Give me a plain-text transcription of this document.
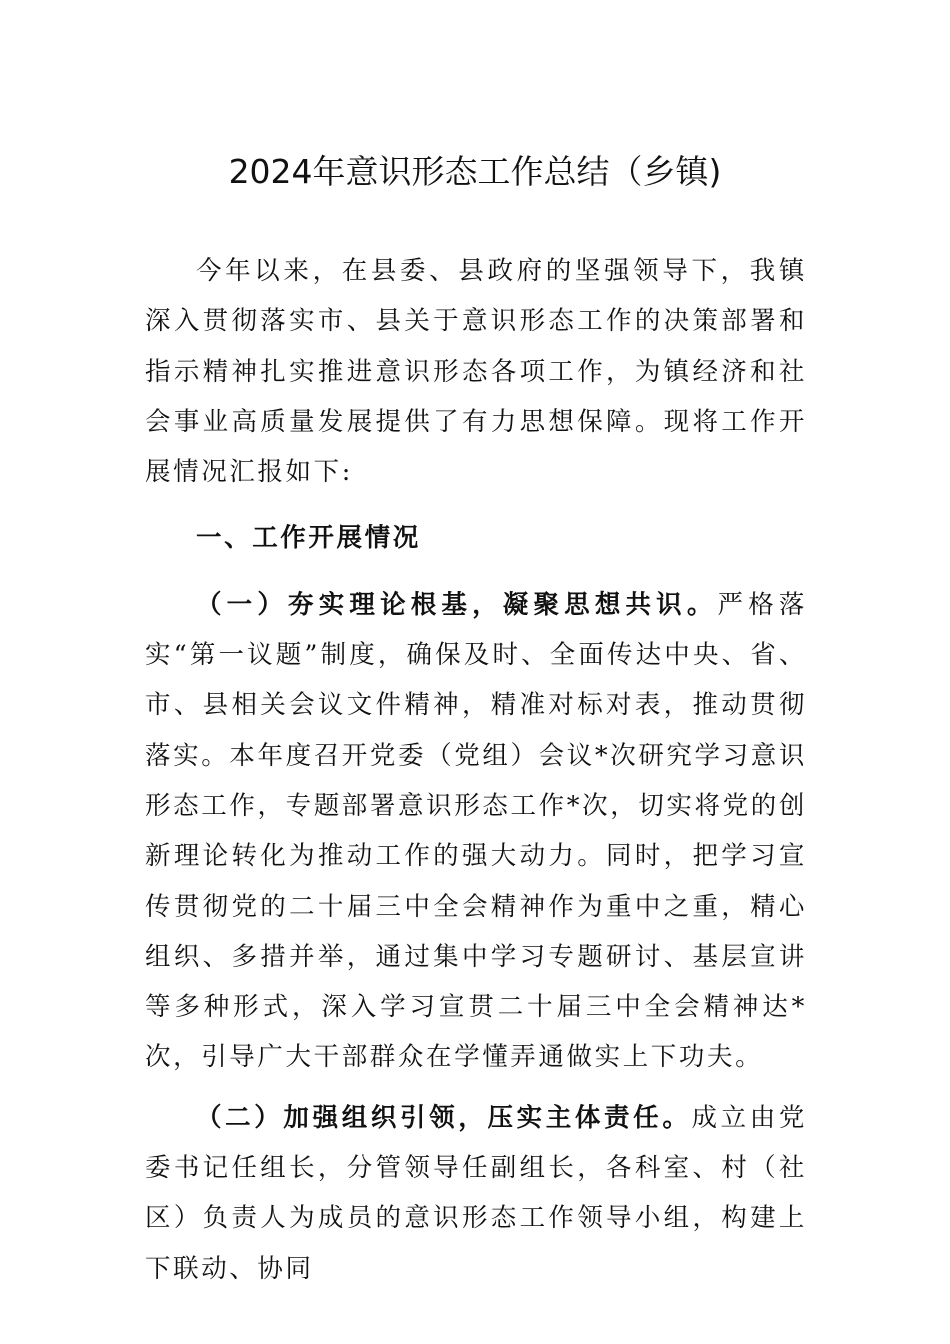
2024年意识形态工作总结（乡镇)

今年以来，在县委、县政府的坚强领导下，我镇深入贯彻落实市、县关于意识形态工作的决策部署和指示精神扎实推进意识形态各项工作，为镇经济和社会事业高质量发展提供了有力思想保障。现将工作开展情况汇报如下:

一、工作开展情况

（一）夯实理论根基，凝聚思想共识。严格落实“第一议题”制度，确保及时、全面传达中央、省、市、县相关会议文件精神，精准对标对表，推动贯彻落实。本年度召开党委（党组）会议*次研究学习意识形态工作，专题部署意识形态工作*次，切实将党的创新理论转化为推动工作的强大动力。同时，把学习宣传贯彻党的二十届三中全会精神作为重中之重，精心组织、多措并举，通过集中学习专题研讨、基层宣讲等多种形式，深入学习宣贯二十届三中全会精神达*次，引导广大干部群众在学懂弄通做实上下功夫。

（二）加强组织引领，压实主体责任。成立由党委书记任组长，分管领导任副组长，各科室、村（社区）负责人为成员的意识形态工作领导小组，构建上下联动、协同
